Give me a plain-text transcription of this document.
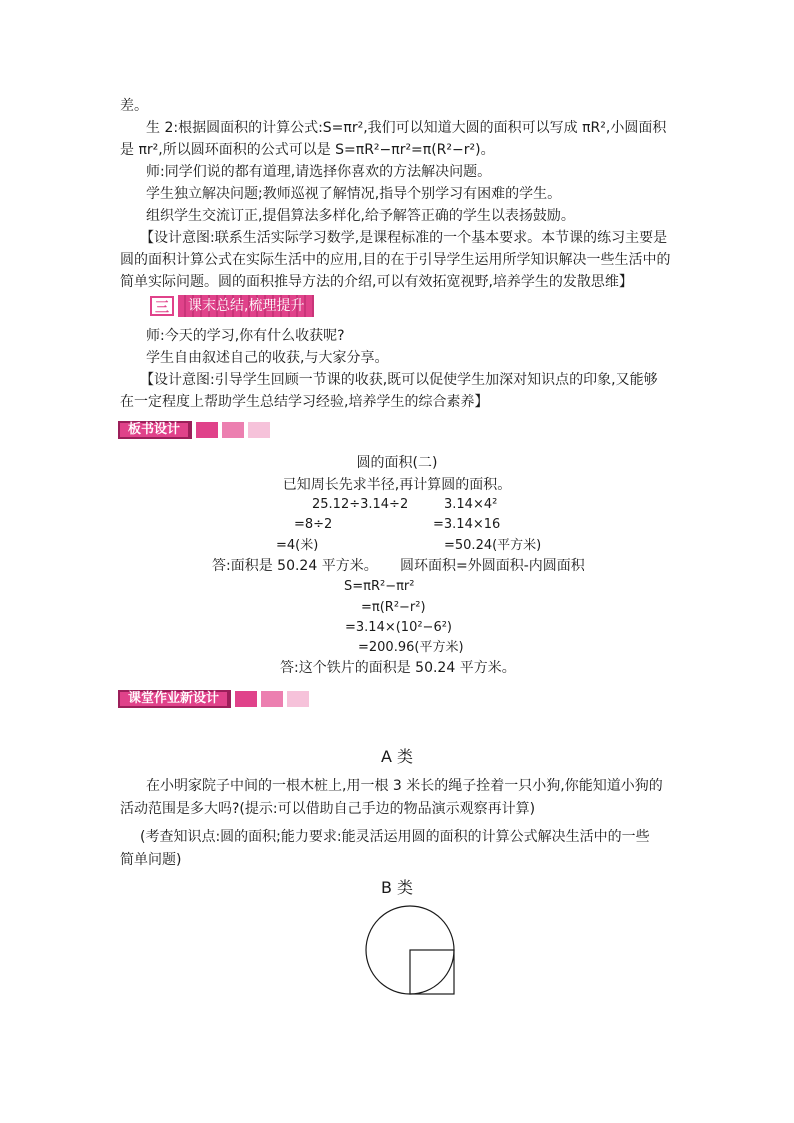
差。
生 2:根据圆面积的计算公式:S=πr²,我们可以知道大圆的面积可以写成 πR²,小圆面积
是 πr²,所以圆环面积的公式可以是 S=πR²−πr²=π(R²−r²)。
师:同学们说的都有道理,请选择你喜欢的方法解决问题。
学生独立解决问题;教师巡视了解情况,指导个别学习有困难的学生。
组织学生交流订正,提倡算法多样化,给予解答正确的学生以表扬鼓励。
【设计意图:联系生活实际学习数学,是课程标准的一个基本要求。本节课的练习主要是
圆的面积计算公式在实际生活中的应用,目的在于引导学生运用所学知识解决一些生活中的
简单实际问题。圆的面积推导方法的介绍,可以有效拓宽视野,培养学生的发散思维】
三	课末总结,梳理提升
师:今天的学习,你有什么收获呢?
学生自由叙述自己的收获,与大家分享。
【设计意图:引导学生回顾一节课的收获,既可以促使学生加深对知识点的印象,又能够
在一定程度上帮助学生总结学习经验,培养学生的综合素养】
板书设计
圆的面积(二)
已知周长先求半径,再计算圆的面积。
25.12÷3.14÷2	3.14×4²
=8÷2	=3.14×16
=4(米)	=50.24(平方米)
答:面积是 50.24 平方米。 圆环面积=外圆面积-内圆面积
S=πR²−πr²
=π(R²−r²)
=3.14×(10²−6²)
=200.96(平方米)
答:这个铁片的面积是 50.24 平方米。
课堂作业新设计
A 类
在小明家院子中间的一根木桩上,用一根 3 米长的绳子拴着一只小狗,你能知道小狗的
活动范围是多大吗?(提示:可以借助自己手边的物品演示观察再计算)
(考查知识点:圆的面积;能力要求:能灵活运用圆的面积的计算公式解决生活中的一些
简单问题)
B 类
